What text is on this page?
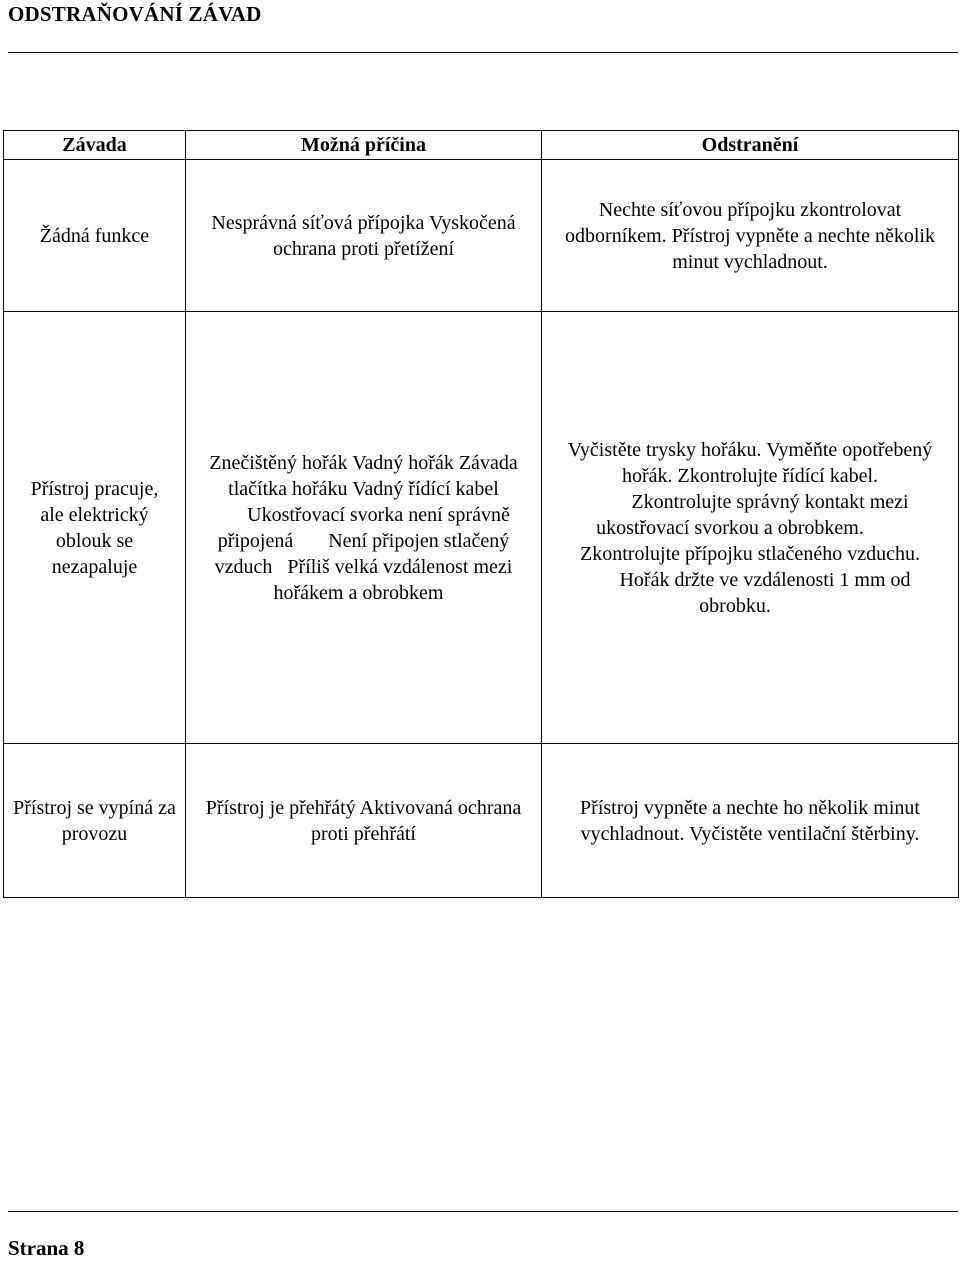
ODSTRAŇOVÁNÍ ZÁVAD
Závada	Možná příčina	Odstranění
Žádná funkce	Nesprávná síťová přípojka Vyskočená ochrana proti přetížení	Nechte síťovou přípojku zkontrolovat odborníkem. Přístroj vypněte a nechte několik minut vychladnout.
Přístroj pracuje, ale elektrický oblouk se nezapaluje	Znečištěný hořák Vadný hořák Závada tlačítka hořáku Vadný řídící kabel Ukostřovací svorka není správně připojená Není připojen stlačený vzduch Příliš velká vzdálenost mezi hořákem a obrobkem	Vyčistěte trysky hořáku. Vyměňte opotřebený hořák. Zkontrolujte řídící kabel. Zkontrolujte správný kontakt mezi ukostřovací svorkou a obrobkem. Zkontrolujte přípojku stlačeného vzduchu. Hořák držte ve vzdálenosti 1 mm od obrobku.
Přístroj se vypíná za provozu	Přístroj je přehřátý Aktivovaná ochrana proti přehřátí	Přístroj vypněte a nechte ho několik minut vychladnout. Vyčistěte ventilační štěrbiny.
Strana 8
